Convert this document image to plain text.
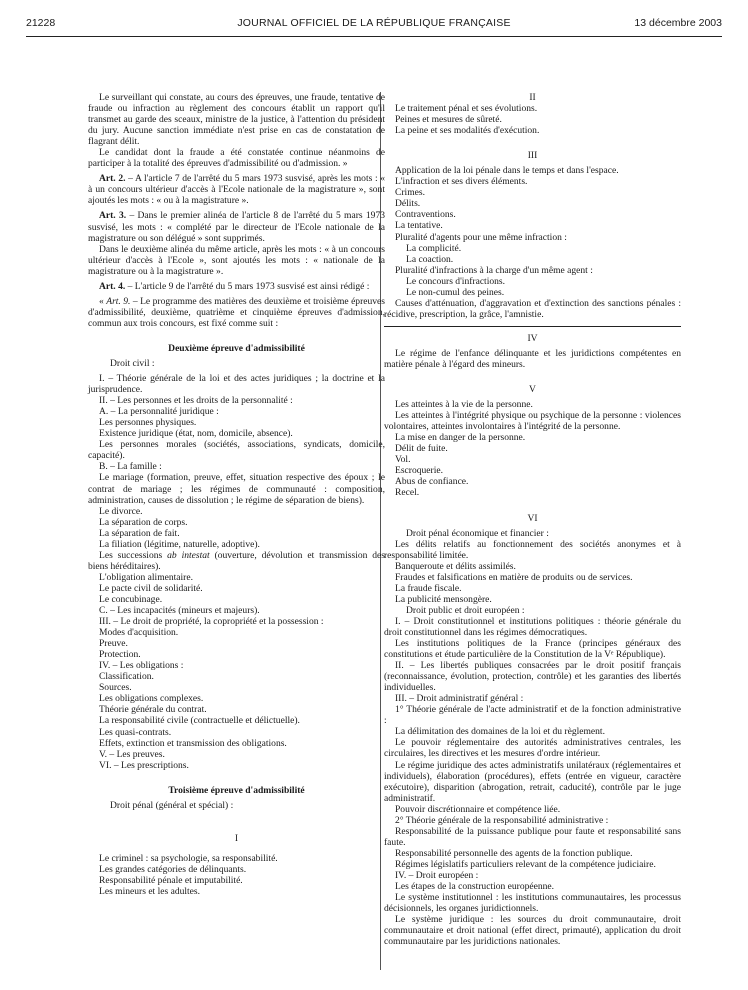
21228	JOURNAL OFFICIEL DE LA RÉPUBLIQUE FRANÇAISE	13 décembre 2003

Le surveillant qui constate, au cours des épreuves, une fraude, tentative de fraude ou infraction au règlement des concours établit un rapport qu'il transmet au garde des sceaux, ministre de la justice, à l'attention du président du jury. Aucune sanction immédiate n'est prise en cas de constatation de flagrant délit.

Le candidat dont la fraude a été constatée continue néanmoins de participer à la totalité des épreuves d'admissibilité ou d'admission. »

Art. 2. – A l'article 7 de l'arrêté du 5 mars 1973 susvisé, après les mots : « à un concours ultérieur d'accès à l'Ecole nationale de la magistrature », sont ajoutés les mots : « ou à la magistrature ».

Art. 3. – Dans le premier alinéa de l'article 8 de l'arrêté du 5 mars 1973 susvisé, les mots : « complété par le directeur de l'Ecole nationale de la magistrature ou son délégué » sont supprimés.

Dans le deuxième alinéa du même article, après les mots : « à un concours ultérieur d'accès à l'Ecole », sont ajoutés les mots : « nationale de la magistrature ou à la magistrature ».

Art. 4. – L'article 9 de l'arrêté du 5 mars 1973 susvisé est ainsi rédigé :

« Art. 9. – Le programme des matières des deuxième et troisième épreuves d'admissibilité, deuxième, quatrième et cinquième épreuves d'admission, commun aux trois concours, est fixé comme suit :

Deuxième épreuve d'admissibilité

Droit civil :

I. – Théorie générale de la loi et des actes juridiques ; la doctrine et la jurisprudence.

II. – Les personnes et les droits de la personnalité :

A. – La personnalité juridique :

Les personnes physiques.

Existence juridique (état, nom, domicile, absence).

Les personnes morales (sociétés, associations, syndicats, domicile, capacité).

B. – La famille :

Le mariage (formation, preuve, effet, situation respective des époux ; le contrat de mariage ; les régimes de communauté : composition, administration, causes de dissolution ; le régime de séparation de biens).

Le divorce.

La séparation de corps.

La séparation de fait.

La filiation (légitime, naturelle, adoptive).

Les successions ab intestat (ouverture, dévolution et transmission des biens héréditaires).

L'obligation alimentaire.

Le pacte civil de solidarité.

Le concubinage.

C. – Les incapacités (mineurs et majeurs).

III. – Le droit de propriété, la copropriété et la possession :

Modes d'acquisition.

Preuve.

Protection.

IV. – Les obligations :

Classification.

Sources.

Les obligations complexes.

Théorie générale du contrat.

La responsabilité civile (contractuelle et délictuelle).

Les quasi-contrats.

Effets, extinction et transmission des obligations.

V. – Les preuves.

VI. – Les prescriptions.

Troisième épreuve d'admissibilité

Droit pénal (général et spécial) :

I

Le criminel : sa psychologie, sa responsabilité.

Les grandes catégories de délinquants.

Responsabilité pénale et imputabilité.

Les mineurs et les adultes.

II

Le traitement pénal et ses évolutions.

Peines et mesures de sûreté.

La peine et ses modalités d'exécution.

III

Application de la loi pénale dans le temps et dans l'espace.

L'infraction et ses divers éléments.

Crimes.

Délits.

Contraventions.

La tentative.

Pluralité d'agents pour une même infraction :

La complicité.

La coaction.

Pluralité d'infractions à la charge d'un même agent :

Le concours d'infractions.

Le non-cumul des peines.

Causes d'atténuation, d'aggravation et d'extinction des sanctions pénales : récidive, prescription, la grâce, l'amnistie.

IV

Le régime de l'enfance délinquante et les juridictions compétentes en matière pénale à l'égard des mineurs.

V

Les atteintes à la vie de la personne.

Les atteintes à l'intégrité physique ou psychique de la personne : violences volontaires, atteintes involontaires à l'intégrité de la personne.

La mise en danger de la personne.

Délit de fuite.

Vol.

Escroquerie.

Abus de confiance.

Recel.

VI

Droit pénal économique et financier :

Les délits relatifs au fonctionnement des sociétés anonymes et à responsabilité limitée.

Banqueroute et délits assimilés.

Fraudes et falsifications en matière de produits ou de services.

La fraude fiscale.

La publicité mensongère.

Droit public et droit européen :

I. – Droit constitutionnel et institutions politiques : théorie générale du droit constitutionnel dans les régimes démocratiques.

Les institutions politiques de la France (principes généraux des constitutions et étude particulière de la Constitution de la Vᵉ République).

II. – Les libertés publiques consacrées par le droit positif français (reconnaissance, évolution, protection, contrôle) et les garanties des libertés individuelles.

III. – Droit administratif général :

1° Théorie générale de l'acte administratif et de la fonction administrative :

La délimitation des domaines de la loi et du règlement.

Le pouvoir réglementaire des autorités administratives centrales, les circulaires, les directives et les mesures d'ordre intérieur.

Le régime juridique des actes administratifs unilatéraux (réglementaires et individuels), élaboration (procédures), effets (entrée en vigueur, caractère exécutoire), disparition (abrogation, retrait, caducité), contrôle par le juge administratif.

Pouvoir discrétionnaire et compétence liée.

2° Théorie générale de la responsabilité administrative :

Responsabilité de la puissance publique pour faute et responsabilité sans faute.

Responsabilité personnelle des agents de la fonction publique.

Régimes législatifs particuliers relevant de la compétence judiciaire.

IV. – Droit européen :

Les étapes de la construction européenne.

Le système institutionnel : les institutions communautaires, les processus décisionnels, les organes juridictionnels.

Le système juridique : les sources du droit communautaire, droit communautaire et droit national (effet direct, primauté), application du droit communautaire par les juridictions nationales.
